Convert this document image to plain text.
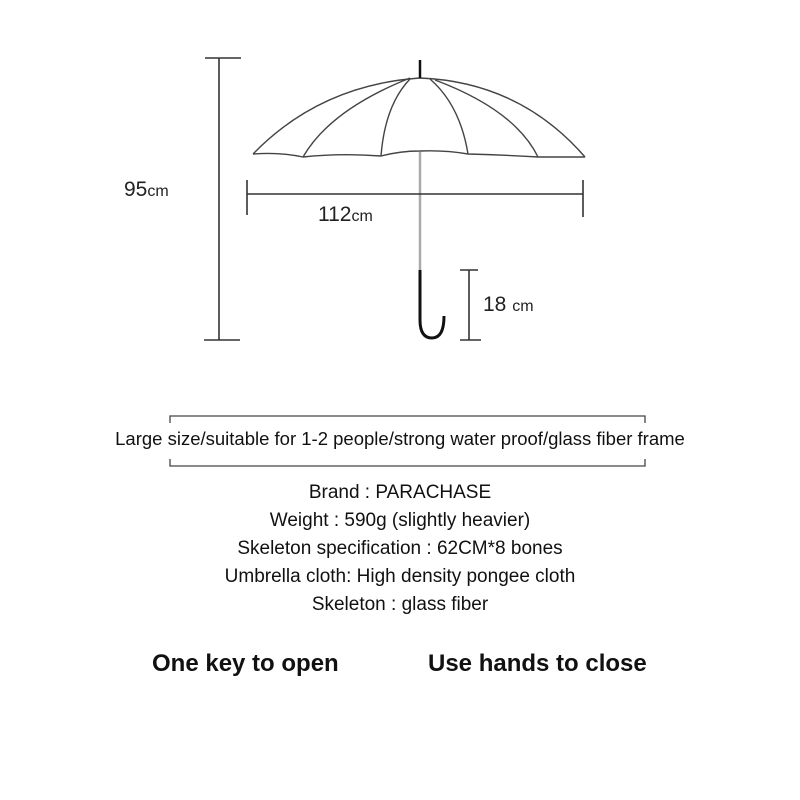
95cm
112cm
18 cm
Large size/suitable for 1-2 people/strong water proof/glass fiber frame
Brand : PARACHASE
Weight : 590g (slightly heavier)
Skeleton specification : 62CM*8 bones
Umbrella cloth: High density pongee cloth
Skeleton : glass fiber
One key to open	Use hands to close
